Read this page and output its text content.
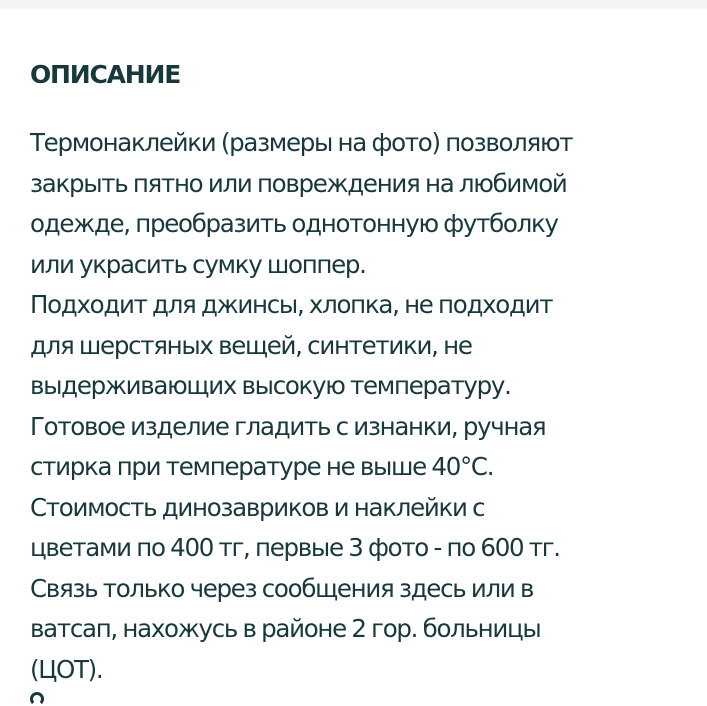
ОПИСАНИЕ
Термонаклейки (размеры на фото) позволяют
закрыть пятно или повреждения на любимой
одежде, преобразить однотонную футболку
или украсить сумку шоппер.
Подходит для джинсы, хлопка, не подходит
для шерстяных вещей, синтетики, не
выдерживающих высокую температуру.
Готовое изделие гладить с изнанки, ручная
стирка при температуре не выше 40°С.
Стоимость динозавриков и наклейки с
цветами по 400 тг, первые 3 фото - по 600 тг.
Связь только через сообщения здесь или в
ватсап, нахожусь в районе 2 гор. больницы
(ЦОТ).
